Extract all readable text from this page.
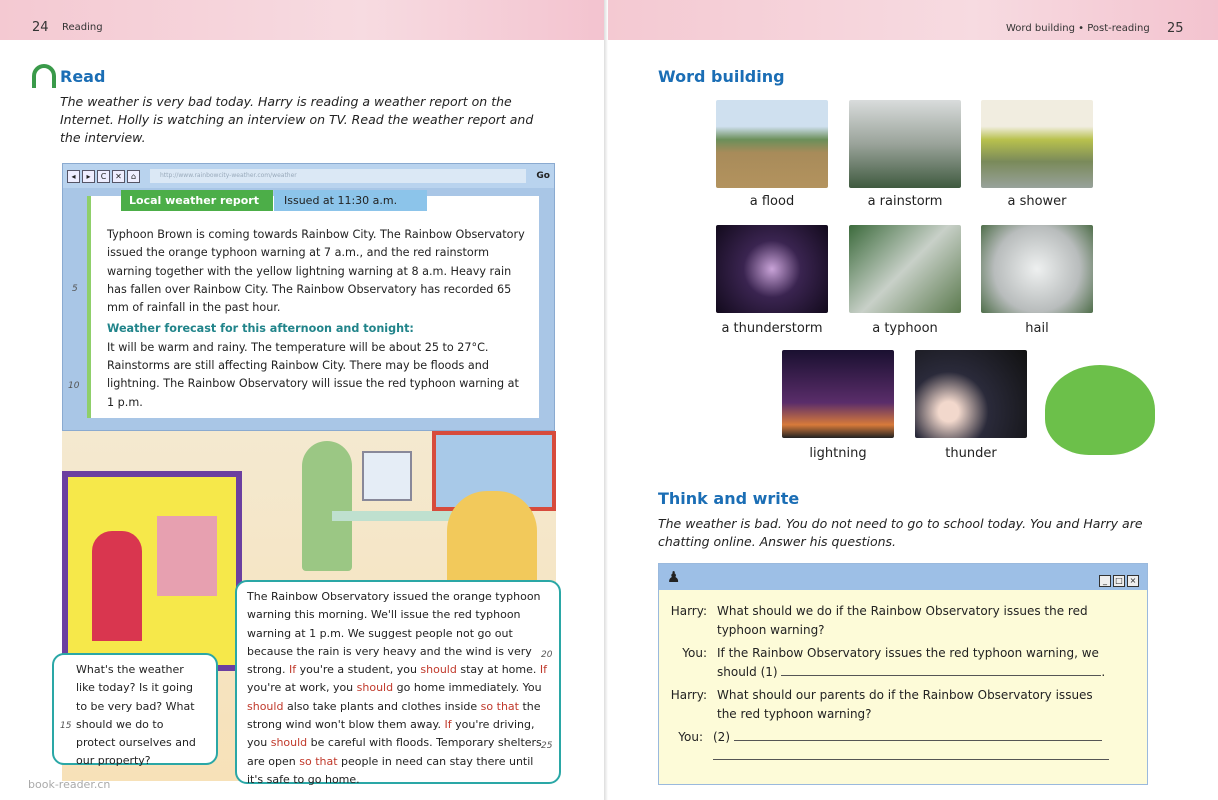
24 Reading	Word building • Post-reading 25
Read
The weather is very bad today. Harry is reading a weather report on the Internet. Holly is watching an interview on TV. Read the weather report and the interview.
◂	▸	C	✕	⌂	http://www.rainbowcity-weather.com/weather	Go
Local weather report	Issued at 11:30 a.m.
Typhoon Brown is coming towards Rainbow City. The Rainbow Observatory issued the orange typhoon warning at 7 a.m., and the red rainstorm warning together with the yellow lightning warning at 8 a.m. Heavy rain has fallen over Rainbow City. The Rainbow Observatory has recorded 65 mm of rainfall in the past hour.
Weather forecast for this afternoon and tonight:
It will be warm and rainy. The temperature will be about 25 to 27°C. Rainstorms are still affecting Rainbow City. There may be floods and lightning. The Rainbow Observatory will issue the red typhoon warning at 1 p.m.
5
10
What's the weather like today? Is it going to be very bad? What should we do to protect ourselves and our property?
15
The Rainbow Observatory issued the orange typhoon warning this morning. We'll issue the red typhoon warning at 1 p.m. We suggest people not go out because the rain is very heavy and the wind is very strong. If you're a student, you should stay at home. If you're at work, you should go home immediately. You should also take plants and clothes inside so that the strong wind won't blow them away. If you're driving, you should be careful with floods. Temporary shelters are open so that people in need can stay there until it's safe to go home.
20
25
book-reader.cn
Word building
a flood	a rainstorm	a shower
a thunderstorm	a typhoon	hail
lightning	thunder
Think and write
The weather is bad. You do not need to go to school today. You and Harry are chatting online. Answer his questions.
♟	_ □ ×
Harry: What should we do if the Rainbow Observatory issues the red typhoon warning?
You: If the Rainbow Observatory issues the red typhoon warning, we should (1)	.
Harry: What should our parents do if the Rainbow Observatory issues the red typhoon warning?
You: (2)
